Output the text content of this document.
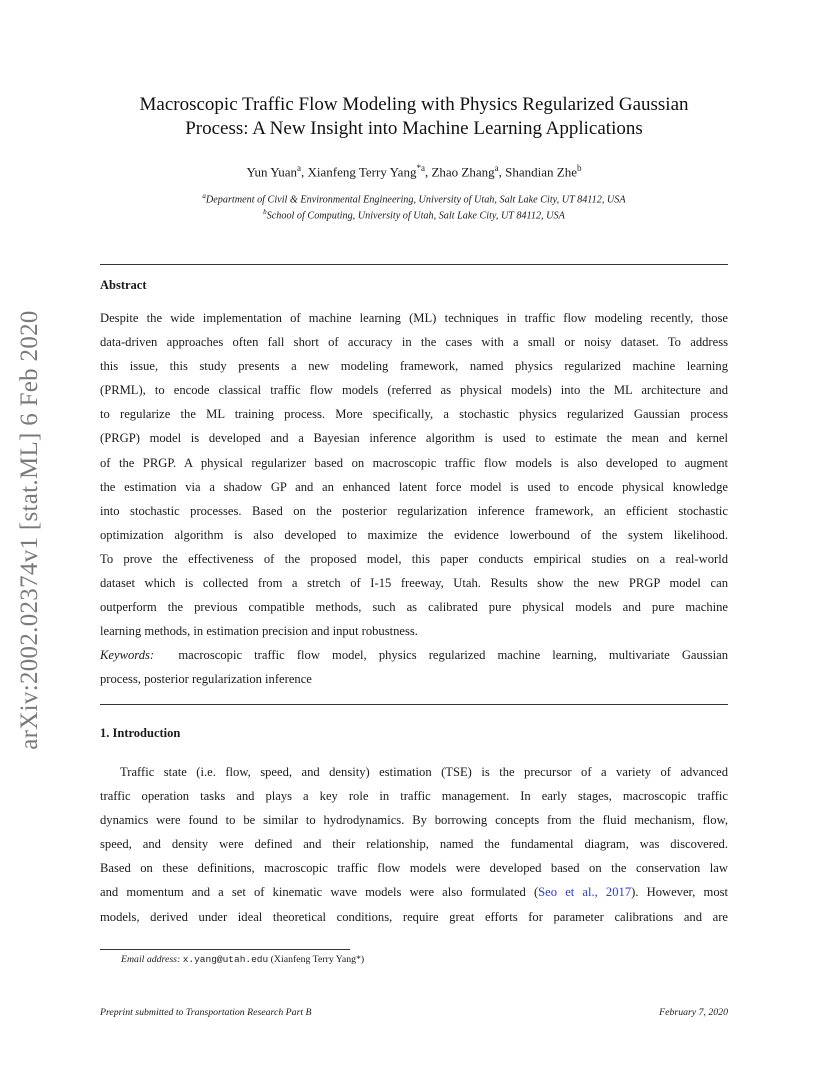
arXiv:2002.02374v1 [stat.ML] 6 Feb 2020
Macroscopic Traffic Flow Modeling with Physics Regularized Gaussian
Process: A New Insight into Machine Learning Applications
Yun Yuan$^a$, Xianfeng Terry Yang$^{*a}$, Zhao Zhang$^a$, Shandian Zhe$^b$
$^a$Department of Civil & Environmental Engineering, University of Utah, Salt Lake City, UT 84112, USA
$^b$School of Computing, University of Utah, Salt Lake City, UT 84112, USA
Abstract
Despite the wide implementation of machine learning (ML) techniques in traffic flow modeling recently, those
data-driven approaches often fall short of accuracy in the cases with a small or noisy dataset. To address
this issue, this study presents a new modeling framework, named physics regularized machine learning
(PRML), to encode classical traffic flow models (referred as physical models) into the ML architecture and
to regularize the ML training process. More specifically, a stochastic physics regularized Gaussian process
(PRGP) model is developed and a Bayesian inference algorithm is used to estimate the mean and kernel
of the PRGP. A physical regularizer based on macroscopic traffic flow models is also developed to augment
the estimation via a shadow GP and an enhanced latent force model is used to encode physical knowledge
into stochastic processes. Based on the posterior regularization inference framework, an efficient stochastic
optimization algorithm is also developed to maximize the evidence lowerbound of the system likelihood.
To prove the effectiveness of the proposed model, this paper conducts empirical studies on a real-world
dataset which is collected from a stretch of I-15 freeway, Utah. Results show the new PRGP model can
outperform the previous compatible methods, such as calibrated pure physical models and pure machine
learning methods, in estimation precision and input robustness.
Keywords: macroscopic traffic flow model, physics regularized machine learning, multivariate Gaussian
process, posterior regularization inference
1. Introduction
Traffic state (i.e. flow, speed, and density) estimation (TSE) is the precursor of a variety of advanced
traffic operation tasks and plays a key role in traffic management. In early stages, macroscopic traffic
dynamics were found to be similar to hydrodynamics. By borrowing concepts from the fluid mechanism, flow,
speed, and density were defined and their relationship, named the fundamental diagram, was discovered.
Based on these definitions, macroscopic traffic flow models were developed based on the conservation law
and momentum and a set of kinematic wave models were also formulated (Seo et al., 2017). However, most
models, derived under ideal theoretical conditions, require great efforts for parameter calibrations and are
Email address: x.yang@utah.edu (Xianfeng Terry Yang*)
Preprint submitted to Transportation Research Part B	February 7, 2020
